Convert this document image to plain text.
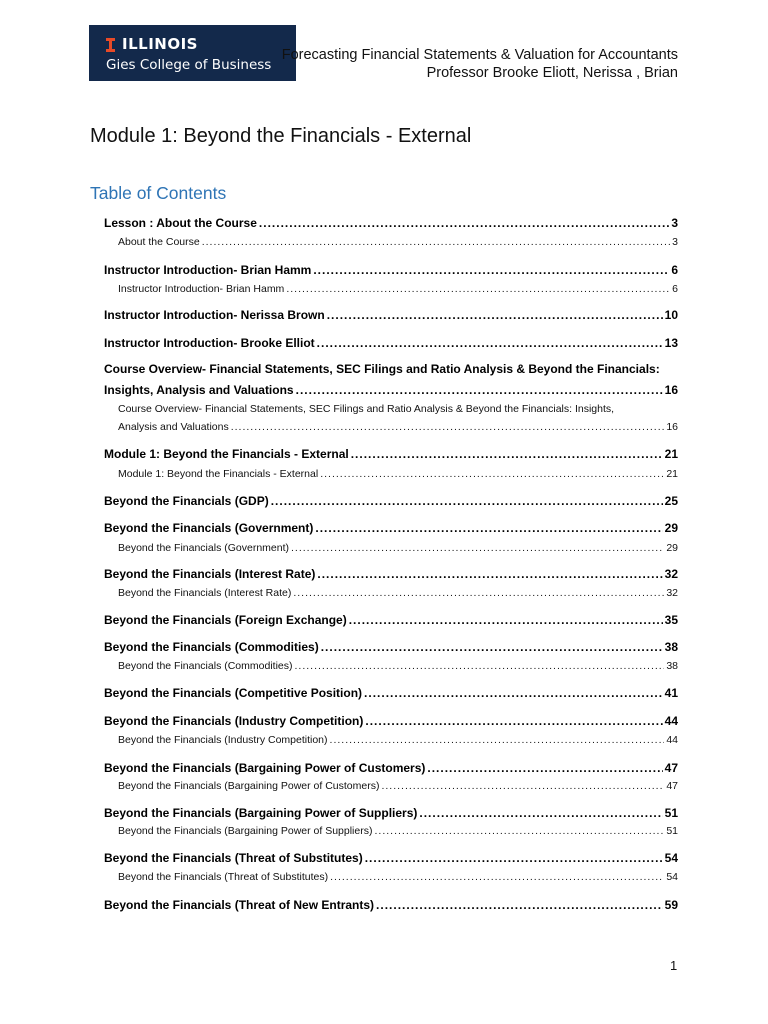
ILLINOIS
Gies College of Business
Forecasting Financial Statements & Valuation for Accountants
Professor Brooke Eliott, Nerissa , Brian
Module 1: Beyond the Financials - External
Table of Contents
Lesson : About the Course .....	3
About the Course .....	3
Instructor Introduction- Brian Hamm .....	6
Instructor Introduction- Brian Hamm .....	6
Instructor Introduction- Nerissa Brown .....	10
Instructor Introduction- Brooke Elliot .....	13
Course Overview- Financial Statements, SEC Filings and Ratio Analysis & Beyond the Financials:
Insights, Analysis and Valuations .....	16
Course Overview- Financial Statements, SEC Filings and Ratio Analysis & Beyond the Financials: Insights,
Analysis and Valuations .....	16
Module 1: Beyond the Financials - External .....	21
Module 1: Beyond the Financials - External .....	21
Beyond the Financials (GDP) .....	25
Beyond the Financials (Government) .....	29
Beyond the Financials (Government) .....	29
Beyond the Financials (Interest Rate) .....	32
Beyond the Financials (Interest Rate) .....	32
Beyond the Financials (Foreign Exchange) .....	35
Beyond the Financials (Commodities) .....	38
Beyond the Financials (Commodities) .....	38
Beyond the Financials (Competitive Position) .....	41
Beyond the Financials (Industry Competition) .....	44
Beyond the Financials (Industry Competition) .....	44
Beyond the Financials (Bargaining Power of Customers) .....	47
Beyond the Financials (Bargaining Power of Customers) .....	47
Beyond the Financials (Bargaining Power of Suppliers) .....	51
Beyond the Financials (Bargaining Power of Suppliers) .....	51
Beyond the Financials (Threat of Substitutes) .....	54
Beyond the Financials (Threat of Substitutes) .....	54
Beyond the Financials (Threat of New Entrants) .....	59
1
